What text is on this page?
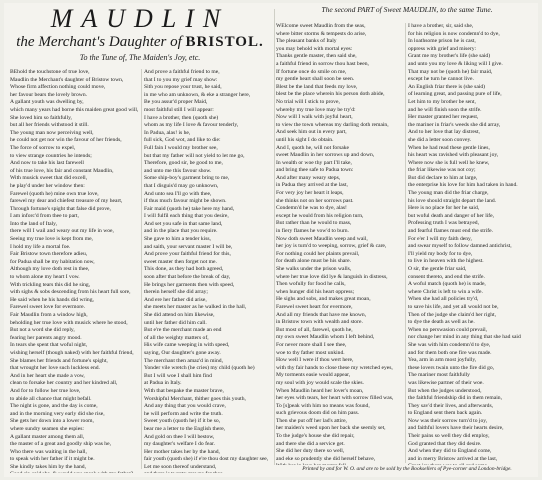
MAUDLIN
the Merchant's Daughter of BRISTOL.
To the Tune of, The Maiden's Joy, etc.
The second PART of Sweet MAUDLIN, to the same Tune.
BEhold the touchstone of true love,
Maudlin the Merchant's daughter of Bristow town,
Whose firm affection nothing could move,
her favour bears the lovely brown.
A gallant youth was dwelling by,
which many years had borne this maiden great good will,
She loved him so faithfully,
but all her friends withstood it still.
The young man now perceiving well,
he could not get nor win the favour of her friends,
The force of sorrow to expel,
to view strange countries he intends;
And now to take his last farewell
of his true love, his fair and constant Maudlin,
With musick sweet that did excell,
he play'd under her window then:
Farewel (quoth he) mine own true love,
farewel my dear and chiefest treasure of my heart,
Through fortune's spight that false did prove,
I am inforc'd from thee to part,
Into the land of Italy,
there will I wail and weary out my life in woe,
Seeing my true love is kept from me,
I hold my life a mortal foe.
Fair Bristow town therefore adieu,
for Padua shall be my habitation now,
Although my love doth rest in thee,
to whom alone my heart I vow.
With trickling tears this did he sing,
with sighs & sobs descending from his heart full sore,
He said when he his hands did wring,
Farewel sweet love for evermore.
Fair Maudlin from a window high,
beholding her true love with musick where he stood,
But not a word she did reply,
fearing her parents angry mood.
In tears she spent that woful night,
wishing herself (though naked) with her faithful friend,
She blames her friends and fortune's spight,
that wrought her love such luckless end.
And in her heart she made a vow,
clean to forsake her country and her kindred all,
And for to follow her true love,
to abide all chance that might befall.
The night is gone, and the day is come,
and in the morning very early did she rise,
She gets her down into a lower room,
where sundry seamen she espies:
A gallant master among them all,
the master of a great and goodly ship was he,
Who there was waiting in the hall,
to speak with her father if it might be.
She kindly takes him by the hand,
And prove a faithful friend to me,
that I to you my grief may show:
Sith you repose your trust, he said,
in me who am unknown, & eke a stranger here,
Be you assur'd proper Maid,
most faithful still I will appear:
I have a brother, then (quoth she)
whom as my life I love & favour tenderly,
In Padua, alas! is he,
full sick, God wot, and like to die:
Full fain I would my brother see,
but that my father will not yield to let me go,
Therefore, good sir, be good to me,
and unto me this favour show.
Some ship-boy's garment bring to me,
that I disguis'd may go unknown,
And unto sea I'll go with thee,
if thus much favour might be shown.
Fair maid (quoth he) take here my hand,
I will fulfil each thing that you desire,
And set you safe in that same land,
and in the place that you require.
She gave to him a tender kiss,
and saith, your servant master I will be,
And prove your faithful friend for this,
sweet master then forget not me.
This done, as they had both agreed,
soon after that before the break of day,
He brings her garments then with speed,
therein herself she did array;
And ere her father did arise,
she meets her master as he walked in the hall,
She did attend on him likewise,
until her father did him call.
But e're the merchant made an end
of all the weighty matters of,
His wife came weeping in with speed,
saying, Our daughter's gone away.
The merchant then amaz'd in mind,
Yonder vile wretch (he cries) my child (quoth he)
But I will woe I shall him find
at Padua in Italy.
With that bespake the master brave,
Worshipful Merchant, thither goes this youth,
And any thing that you would crave,
he will perform and write the truth.
Sweet youth (quoth he) if it be so,
bear me a letter to the English there,
And gold on thee I will bestow,
my daughter's welfare I do fear.
Her mother takes her by the hand,
fair youth (quoth she) if e're thou dost my daughter see,
Let me soon thereof understand,
WElcome sweet Maudlin from the seas,
where bitter storms & tempests do arise,
The pleasant banks of Italy
you may behold with mortal eyes:
Thanks gentle master, then said she,
a faithful friend in sorrow thou hast been,
If fortune once do smile on me,
my gentle heart shall soon be seen.
Blest be the land that feeds my love,
blest be the place wherein his person doth abide,
No trial will I stick to prove,
whereby my true love may be try'd:
Now will I walk with joyful heart,
to view the town whereas my darling doth remain,
And seek him out in every part,
until his sight I do obtain.
And I, quoth he, will not forsake
sweet Maudlin in her sorrows up and down,
In wealth or woe thy part I'll take,
and bring thee safe to Padua town:
And after many weary steps,
in Padua they arrived at the last,
For very joy her heart it leaps,
she thinks not on her sorrows past.
Condemn'd he was to dye, alas!
except he would from his religion turn,
But rather than he would to mass,
in fiery flames he vow'd to burn.
Now doth sweet Maudlin weep and wail,
her joy is turn'd to weeping, sorrow, grief & care,
For nothing could her plaints prevail,
for death alone must be his share.
She walks under the prison walls,
where her true love did lye & languish in distress,
Then wofully for food he calls,
when hunger did his heart oppress;
He sighs and sobs, and makes great moan,
Farewel sweet heart for evermore,
And all my friends that have me known,
in Bristow town with wealth and store.
But most of all, farewel, quoth he,
my own sweet Maudlin whom I left behind,
For never more shall I see thee,
woe to thy father most unkind.
How well I were if thou wert here,
with thy fair hands to close these my wretched eyes,
My torments easie would appear,
my soul with joy would scale the skies.
When Maudlin heard her lover's moan,
her eyes with tears, her heart with sorrow filled was,
To [s]peak with him no means was found,
such grievous doom did on him pass.
Then she put off her lad's attire,
her maiden's weed upon her back she seemly set,
To the judge's house she did repair,
and there she did a service get.
She did her duty there so well,
and eke so prudently she did herself behave,
I have a brother, sir, said she,
for his religion is now condemn'd to dye,
In loathsome prison he is cast,
oppress with grief and misery:
Grant me my brother's life (she said)
and unto you my love & liking will I give.
That may not be (quoth he) fair maid,
except he turn he cannot live.
An English friar there is (she said)
of learning great, and passing pure of life,
Let him to my brother be sent,
and he will finish soon the strife.
Her master granted her request,
the mariner in friar's weeds she did array,
And to her love that lay distrest,
she did a letter soon convey.
When he had read these gentle lines,
his heart was ravished with pleasant joy,
Where now she is full well he knew,
the friar likewise was not coy;
But did declare to him at large,
the enterprise his love for him had taken in hand.
The young man did the friar charge,
his love should straight depart the land.
Here is no place for her he said,
but woful death and danger of her life,
Professing truth I was betrayed,
and fearful flames must end the strife.
For e'er I will my faith deny,
and swear myself to follow damned antichrist,
I'll yield my body for to dye,
to live in heaven with the highest.
O sir, the gentle friar said,
consent thereto, and end the strife.
A woful match (quoth he) is made,
where Christ is left to win a wife.
When she had all policies try'd,
to save his life, and yet all would not be,
Then of the judge she claim'd her right,
to dye the death as well as he.
When no perswasion could prevail,
nor change her mind in any thing that she had said
She was with him condemn'd to dye,
and for them both one fire was made.
Yea, arm in arm most joyfully,
these lovers twain unto the fire did go,
The mariner most faithfully
was likewise partner of their woe.
But when the judges understood,
the faithful friendship did in them remain,
They sav'd their lives, and afterwards,
to England sent them back again.
Now was their sorrow turn'd to joy,
and faithful lovers have their hearts desire,
Their pains so well they did employ,
God granted that they did desire.
And when they did to England come,
and in merry Bristow arrived at the last,
Printed by and for W. O. and are to be sold by the Booksellers of Pye-corner and London-bridge.
